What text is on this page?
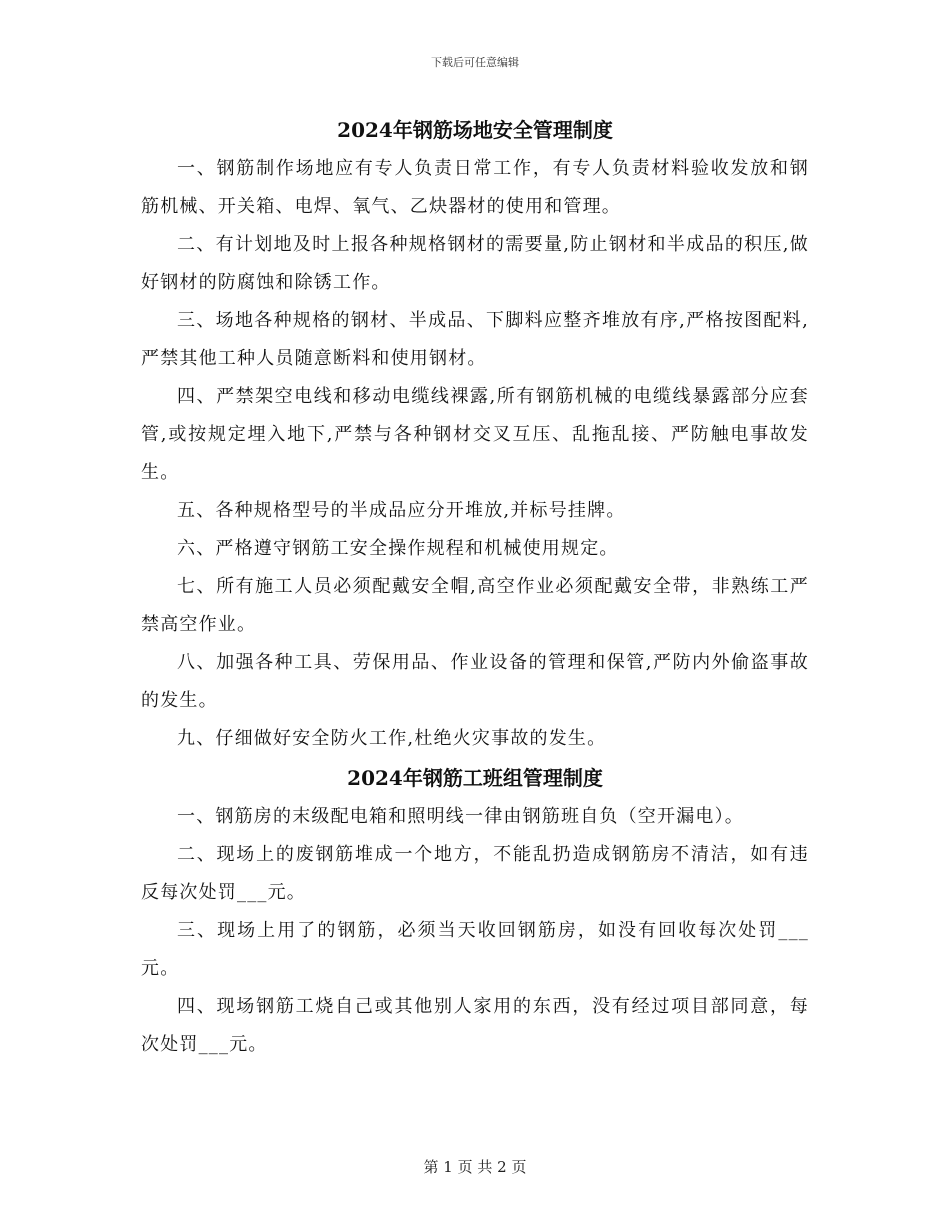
下载后可任意编辑
2024年钢筋场地安全管理制度
一、钢筋制作场地应有专人负责日常工作，有专人负责材料验收发放和钢筋机械、开关箱、电焊、氧气、乙炔器材的使用和管理。
二、有计划地及时上报各种规格钢材的需要量,防止钢材和半成品的积压,做好钢材的防腐蚀和除锈工作。
三、场地各种规格的钢材、半成品、下脚料应整齐堆放有序,严格按图配料,严禁其他工种人员随意断料和使用钢材。
四、严禁架空电线和移动电缆线裸露,所有钢筋机械的电缆线暴露部分应套管,或按规定埋入地下,严禁与各种钢材交叉互压、乱拖乱接、严防触电事故发生。
五、各种规格型号的半成品应分开堆放,并标号挂牌。
六、严格遵守钢筋工安全操作规程和机械使用规定。
七、所有施工人员必须配戴安全帽,高空作业必须配戴安全带，非熟练工严禁高空作业。
八、加强各种工具、劳保用品、作业设备的管理和保管,严防内外偷盗事故的发生。
九、仔细做好安全防火工作,杜绝火灾事故的发生。
2024年钢筋工班组管理制度
一、钢筋房的末级配电箱和照明线一律由钢筋班自负（空开漏电）。
二、现场上的废钢筋堆成一个地方，不能乱扔造成钢筋房不清洁，如有违反每次处罚___元。
三、现场上用了的钢筋，必须当天收回钢筋房，如没有回收每次处罚___元。
四、现场钢筋工烧自己或其他别人家用的东西，没有经过项目部同意，每次处罚___元。
第 1 页 共 2 页
